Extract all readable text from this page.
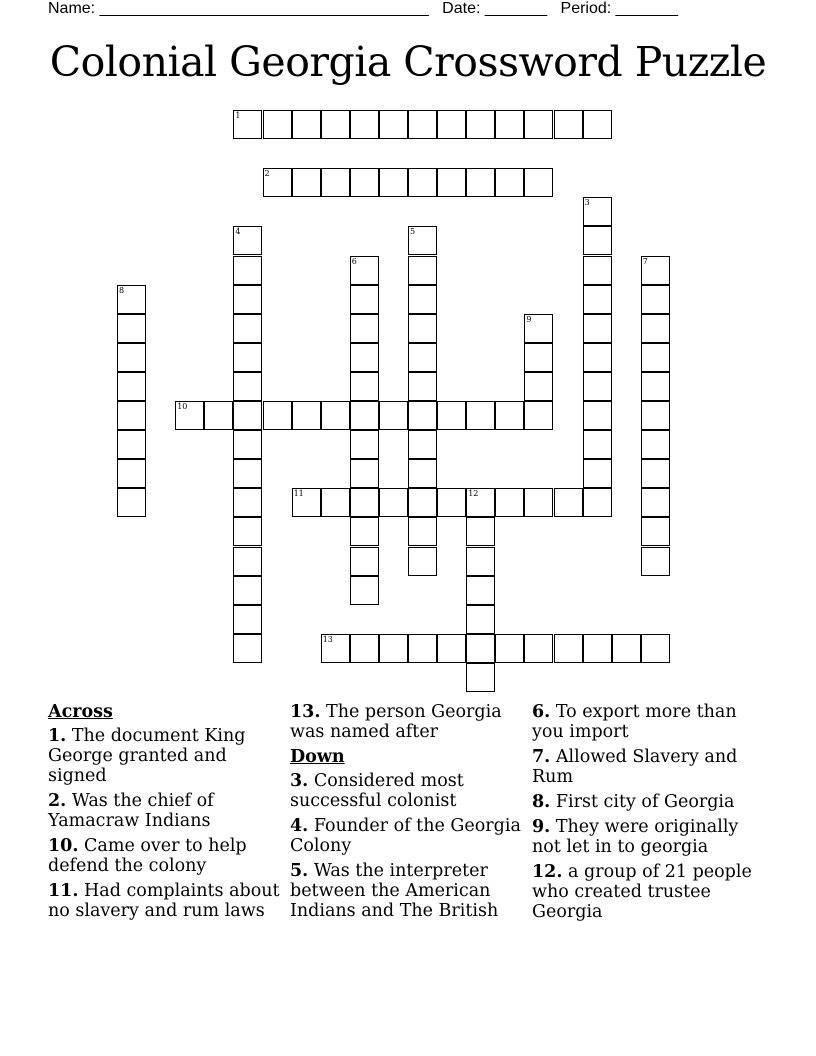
Name: _____________________________________ Date: _______ Period: _______
Colonial Georgia Crossword Puzzle
1
2
3
4	5
6	7
8
9
10
11	12
13
Across
1. The document King George granted and signed
2. Was the chief of Yamacraw Indians
10. Came over to help defend the colony
11. Had complaints about no slavery and rum laws
13. The person Georgia was named after
Down
3. Considered most successful colonist
4. Founder of the Georgia Colony
5. Was the interpreter between the American Indians and The British
6. To export more than you import
7. Allowed Slavery and Rum
8. First city of Georgia
9. They were originally not let in to georgia
12. a group of 21 people who created trustee Georgia
